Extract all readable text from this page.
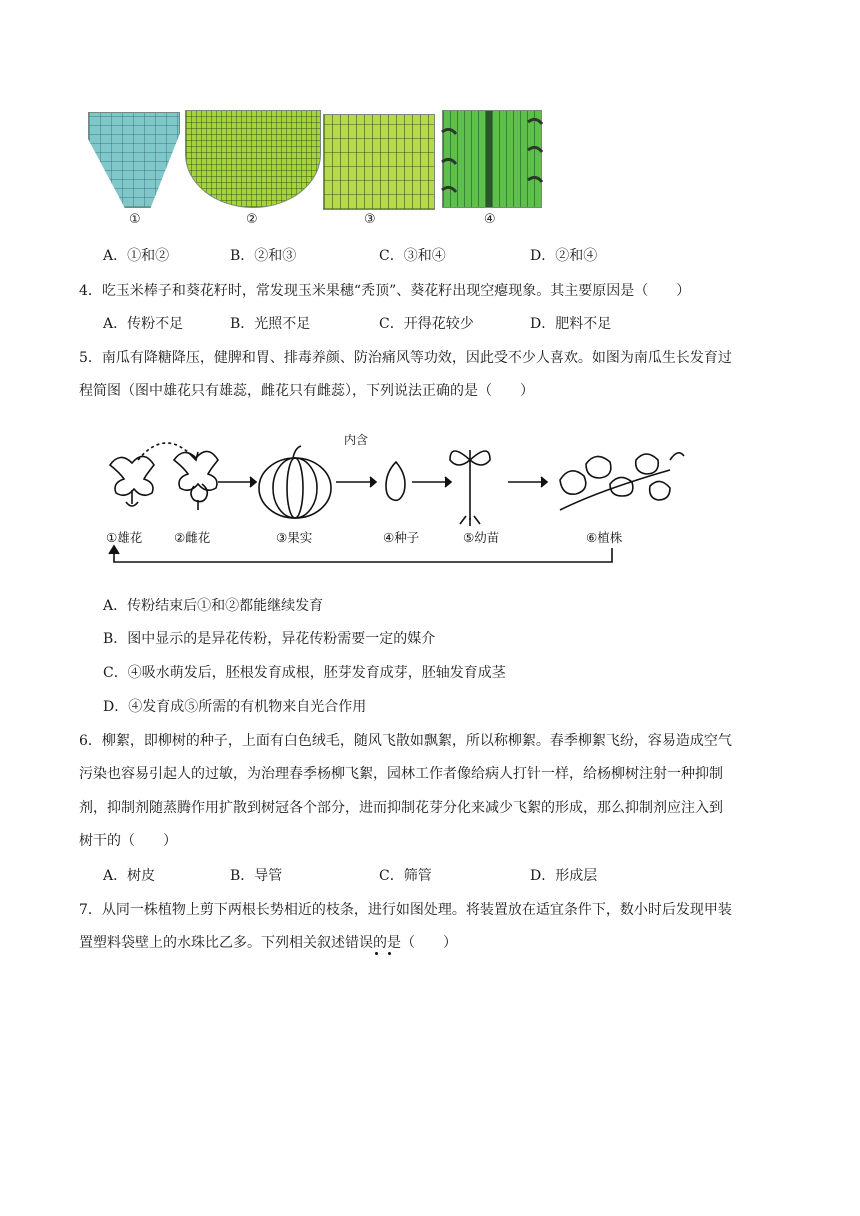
①	②	③	④
A．①和②	B．②和③	C．③和④	D．②和④
4．吃玉米棒子和葵花籽时，常发现玉米果穗“秃顶”、葵花籽出现空瘪现象。其主要原因是（　　）
A．传粉不足	B．光照不足	C．开得花较少	D．肥料不足
5．南瓜有降糖降压，健脾和胃、排毒养颜、防治痛风等功效，因此受不少人喜欢。如图为南瓜生长发育过
程简图（图中雄花只有雄蕊，雌花只有雌蕊），下列说法正确的是（　　）
内含
①雄花	②雌花	③果实	④种子	⑤幼苗	⑥植株
A．传粉结束后①和②都能继续发育
B．图中显示的是异花传粉，异花传粉需要一定的媒介
C．④吸水萌发后，胚根发育成根，胚芽发育成芽，胚轴发育成茎
D．④发育成⑤所需的有机物来自光合作用
6．柳絮，即柳树的种子，上面有白色绒毛，随风飞散如飘絮，所以称柳絮。春季柳絮飞纷，容易造成空气
污染也容易引起人的过敏，为治理春季杨柳飞絮，园林工作者像给病人打针一样，给杨柳树注射一种抑制
剂，抑制剂随蒸腾作用扩散到树冠各个部分，进而抑制花芽分化来减少飞絮的形成，那么抑制剂应注入到
树干的（　　）
A．树皮	B．导管	C．筛管	D．形成层
7．从同一株植物上剪下两根长势相近的枝条，进行如图处理。将装置放在适宜条件下，数小时后发现甲装
置塑料袋壁上的水珠比乙多。下列相关叙述错误的是（　　）
